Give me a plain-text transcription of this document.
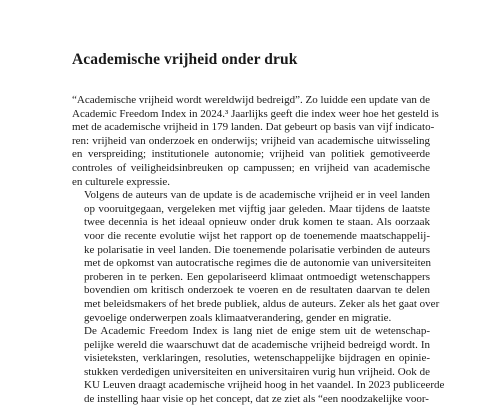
Academische vrijheid onder druk

“Academische vrijheid wordt wereldwijd bedreigd”. Zo luidde een update van de
Academic Freedom Index in 2024.³ Jaarlijks geeft die index weer hoe het gesteld is
met de academische vrijheid in 179 landen. Dat gebeurt op basis van vijf indicato-
ren: vrijheid van onderzoek en onderwijs; vrijheid van academische uitwisseling
en verspreiding; institutionele autonomie; vrijheid van politiek gemotiveerde
controles of veiligheidsinbreuken op campussen; en vrijheid van academische
en culturele expressie.

Volgens de auteurs van de update is de academische vrijheid er in veel landen
op vooruitgegaan, vergeleken met vijftig jaar geleden. Maar tijdens de laatste
twee decennia is het ideaal opnieuw onder druk komen te staan. Als oorzaak
voor die recente evolutie wijst het rapport op de toenemende maatschappelij-
ke polarisatie in veel landen. Die toenemende polarisatie verbinden de auteurs
met de opkomst van autocratische regimes die de autonomie van universiteiten
proberen in te perken. Een gepolariseerd klimaat ontmoedigt wetenschappers
bovendien om kritisch onderzoek te voeren en de resultaten daarvan te delen
met beleidsmakers of het brede publiek, aldus de auteurs. Zeker als het gaat over
gevoelige onderwerpen zoals klimaatverandering, gender en migratie.

De Academic Freedom Index is lang niet de enige stem uit de wetenschap-
pelijke wereld die waarschuwt dat de academische vrijheid bedreigd wordt. In
visieteksten, verklaringen, resoluties, wetenschappelijke bijdragen en opinie-
stukken verdedigen universiteiten en universitairen vurig hun vrijheid. Ook de
KU Leuven draagt academische vrijheid hoog in het vaandel. In 2023 publiceerde
de instelling haar visie op het concept, dat ze ziet als “een noodzakelijke voor-
